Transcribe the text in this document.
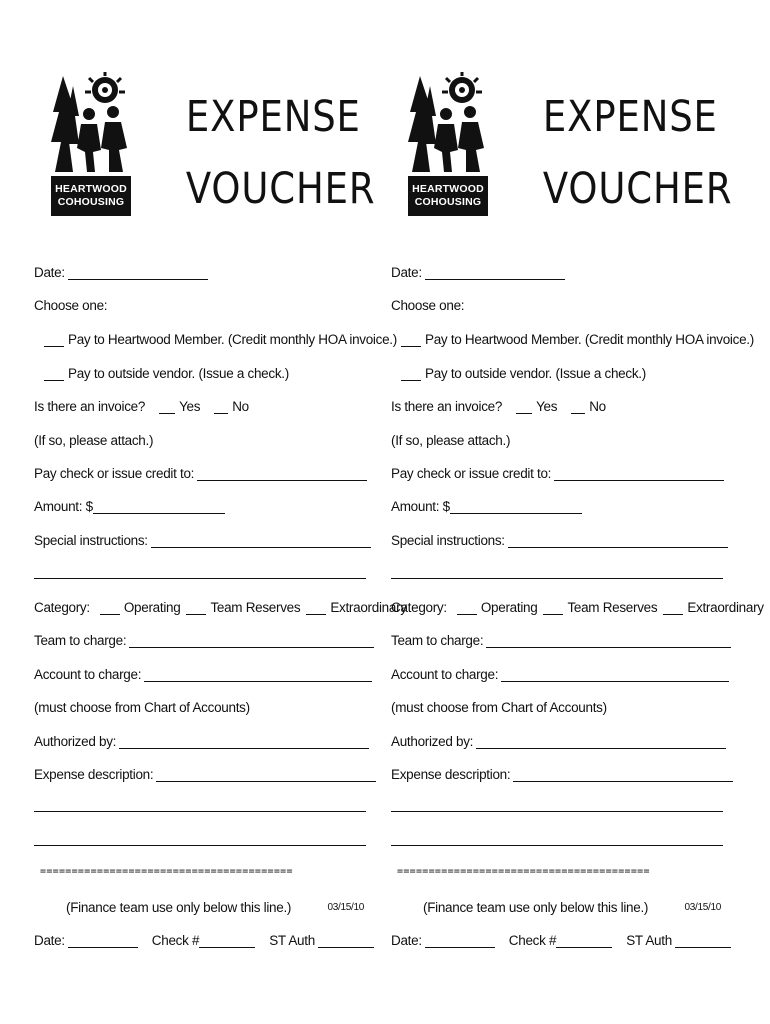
HEARTWOOD
COHOUSING
EXPENSE
VOUCHER
Date:
Choose one:
Pay to Heartwood Member. (Credit monthly HOA invoice.)
Pay to outside vendor. (Issue a check.)
Is there an invoice?	Yes No
(If so, please attach.)
Pay check or issue credit to:
Amount: $
Special instructions:
Category:	Operating Team Reserves Extraordinary
Team to charge:
Account to charge:
(must choose from Chart of Accounts)
Authorized by:
Expense description:
========================================
(Finance team use only below this line.)	03/15/10
Date:	Check #	ST Auth
HEARTWOOD
COHOUSING
EXPENSE
VOUCHER
Date:
Choose one:
Pay to Heartwood Member. (Credit monthly HOA invoice.)
Pay to outside vendor. (Issue a check.)
Is there an invoice?	Yes No
(If so, please attach.)
Pay check or issue credit to:
Amount: $
Special instructions:
Category:	Operating Team Reserves Extraordinary
Team to charge:
Account to charge:
(must choose from Chart of Accounts)
Authorized by:
Expense description:
========================================
(Finance team use only below this line.)	03/15/10
Date:	Check #	ST Auth
